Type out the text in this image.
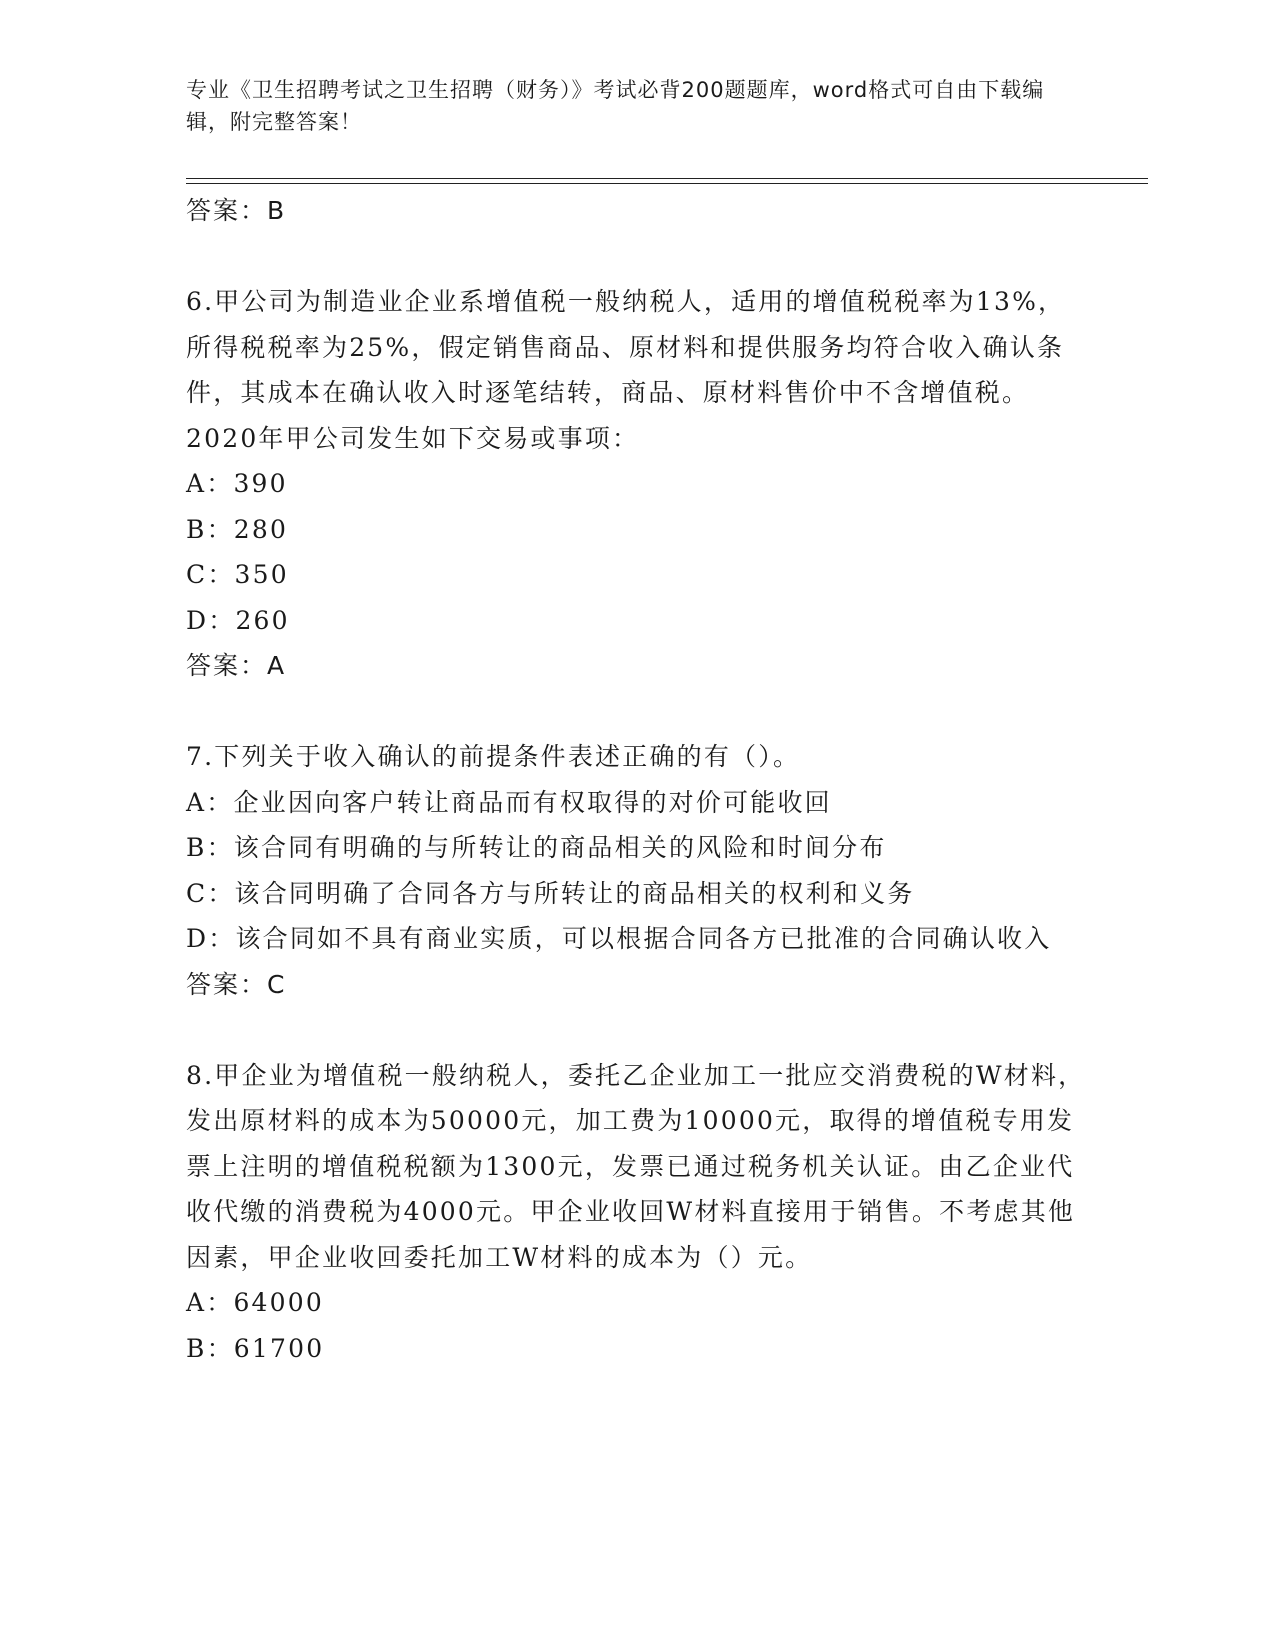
专业《卫生招聘考试之卫生招聘（财务）》考试必背200题题库，word格式可自由下载编辑，附完整答案！

答案：B

6.甲公司为制造业企业系增值税一般纳税人，适用的增值税税率为13%，所得税税率为25%，假定销售商品、原材料和提供服务均符合收入确认条件，其成本在确认收入时逐笔结转，商品、原材料售价中不含增值税。2020年甲公司发生如下交易或事项：

A：390

B：280

C：350

D：260

答案：A

7.下列关于收入确认的前提条件表述正确的有（）。

A：企业因向客户转让商品而有权取得的对价可能收回

B：该合同有明确的与所转让的商品相关的风险和时间分布

C：该合同明确了合同各方与所转让的商品相关的权利和义务

D：该合同如不具有商业实质，可以根据合同各方已批准的合同确认收入

答案：C

8.甲企业为增值税一般纳税人，委托乙企业加工一批应交消费税的W材料，发出原材料的成本为50000元，加工费为10000元，取得的增值税专用发票上注明的增值税税额为1300元，发票已通过税务机关认证。由乙企业代收代缴的消费税为4000元。甲企业收回W材料直接用于销售。不考虑其他因素，甲企业收回委托加工W材料的成本为（）元。

A：64000

B：61700
